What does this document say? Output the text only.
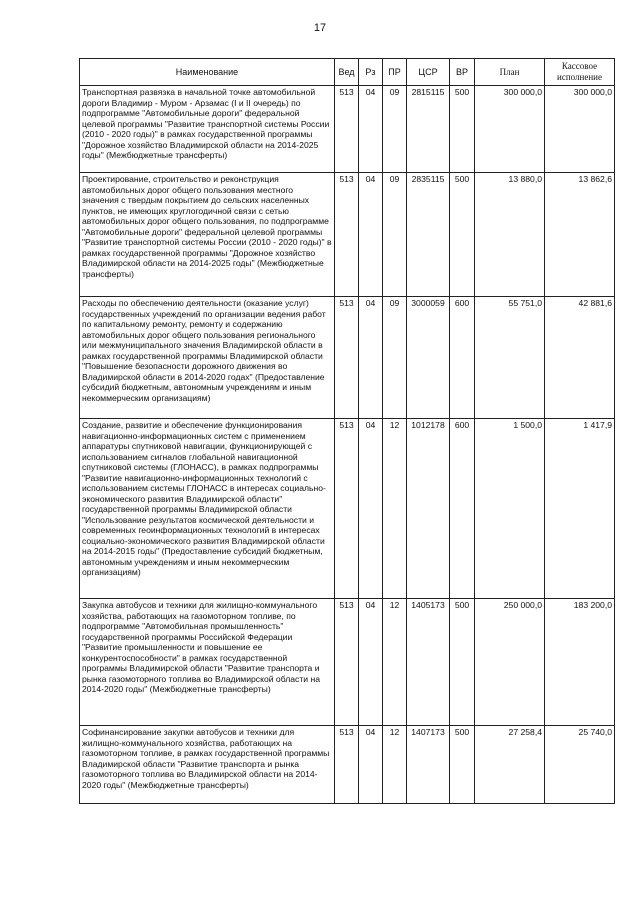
17
Наименование	Вед	Рз	ПР	ЦСР	ВР	План	Кассовое исполнение
Транспортная развязка в начальной точке автомобильной дороги Владимир - Муром - Арзамас (I и II очередь) по подпрограмме "Автомобильные дороги" федеральной целевой программы "Развитие транспортной системы России (2010 - 2020 годы)" в рамках государственной программы "Дорожное хозяйство Владимирской области на 2014-2025 годы" (Межбюджетные трансферты)	513	04	09	2815115	500	300 000,0	300 000,0
Проектирование, строительство и реконструкция автомобильных дорог общего пользования местного значения с твердым покрытием до сельских населенных пунктов, не имеющих круглогодичной связи с сетью автомобильных дорог общего пользования, по подпрограмме "Автомобильные дороги" федеральной целевой программы "Развитие транспортной системы России (2010 - 2020 годы)" в рамках государственной программы "Дорожное хозяйство Владимирской области на 2014-2025 годы" (Межбюджетные трансферты)	513	04	09	2835115	500	13 880,0	13 862,6
Расходы по обеспечению деятельности (оказание услуг) государственных учреждений по организации ведения работ по капитальному ремонту, ремонту и содержанию автомобильных дорог общего пользования регионального или межмуниципального значения Владимирской области в рамках государственной программы Владимирской области "Повышение безопасности дорожного движения во Владимирской области в 2014-2020 годах" (Предоставление субсидий бюджетным, автономным учреждениям и иным некоммерческим организациям)	513	04	09	3000059	600	55 751,0	42 881,6
Создание, развитие и обеспечение функционирования навигационно-информационных систем с применением аппаратуры спутниковой навигации, функционирующей с использованием сигналов глобальной навигационной спутниковой системы (ГЛОНАСС), в рамках подпрограммы "Развитие навигационно-информационных технологий с использованием системы ГЛОНАСС в интересах социально-экономического развития Владимирской области" государственной программы Владимирской области "Использование результатов космической деятельности и современных геоинформационных технологий в интересах социально-экономического развития Владимирской области на 2014-2015 годы" (Предоставление субсидий бюджетным, автономным учреждениям и иным некоммерческим организациям)	513	04	12	1012178	600	1 500,0	1 417,9
Закупка автобусов и техники для жилищно-коммунального хозяйства, работающих на газомоторном топливе, по подпрограмме "Автомобильная промышленность" государственной программы Российской Федерации "Развитие промышленности и повышение ее конкурентоспособности" в рамках государственной программы Владимирской области "Развитие транспорта и рынка газомоторного топлива во Владимирской области на 2014-2020 годы" (Межбюджетные трансферты)	513	04	12	1405173	500	250 000,0	183 200,0
Софинансирование закупки автобусов и техники для жилищно-коммунального хозяйства, работающих на газомоторном топливе, в рамках государственной программы Владимирской области "Развитие транспорта и рынка газомоторного топлива во Владимирской области на 2014-2020 годы" (Межбюджетные трансферты)	513	04	12	1407173	500	27 258,4	25 740,0
